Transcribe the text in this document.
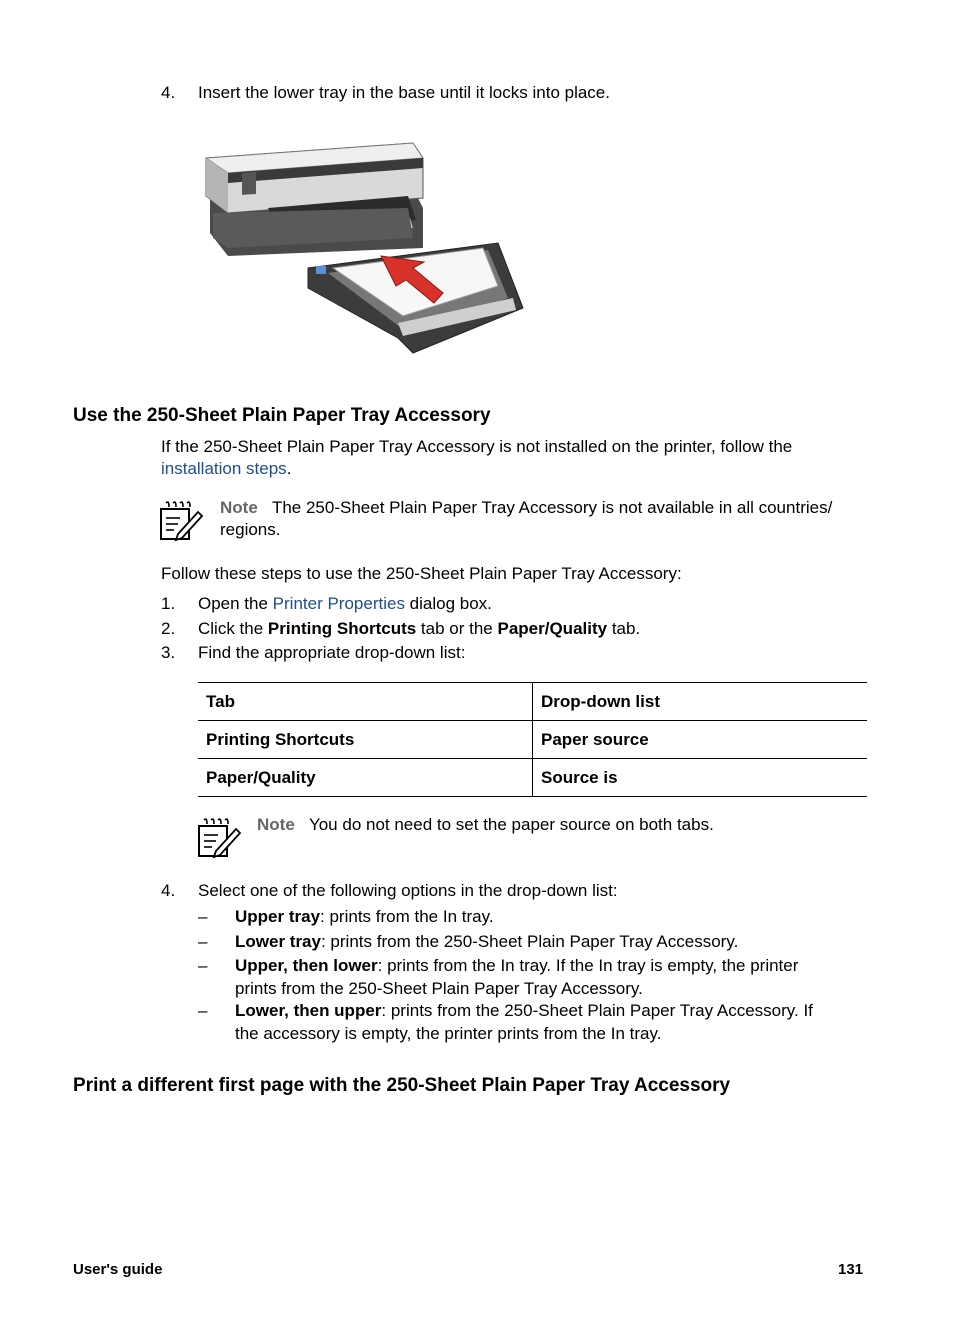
4.	Insert the lower tray in the base until it locks into place.
Use the 250-Sheet Plain Paper Tray Accessory
If the 250-Sheet Plain Paper Tray Accessory is not installed on the printer, follow the
installation steps.
Note The 250-Sheet Plain Paper Tray Accessory is not available in all countries/
regions.
Follow these steps to use the 250-Sheet Plain Paper Tray Accessory:
1.	Open the Printer Properties dialog box.
2.	Click the Printing Shortcuts tab or the Paper/Quality tab.
3.	Find the appropriate drop-down list:
Tab	Drop-down list
Printing Shortcuts	Paper source
Paper/Quality	Source is
Note You do not need to set the paper source on both tabs.
4.	Select one of the following options in the drop-down list:
–	Upper tray: prints from the In tray.
–	Lower tray: prints from the 250-Sheet Plain Paper Tray Accessory.
–	Upper, then lower: prints from the In tray. If the In tray is empty, the printer
prints from the 250-Sheet Plain Paper Tray Accessory.
–	Lower, then upper: prints from the 250-Sheet Plain Paper Tray Accessory. If
the accessory is empty, the printer prints from the In tray.
Print a different first page with the 250-Sheet Plain Paper Tray Accessory
User's guide	131
